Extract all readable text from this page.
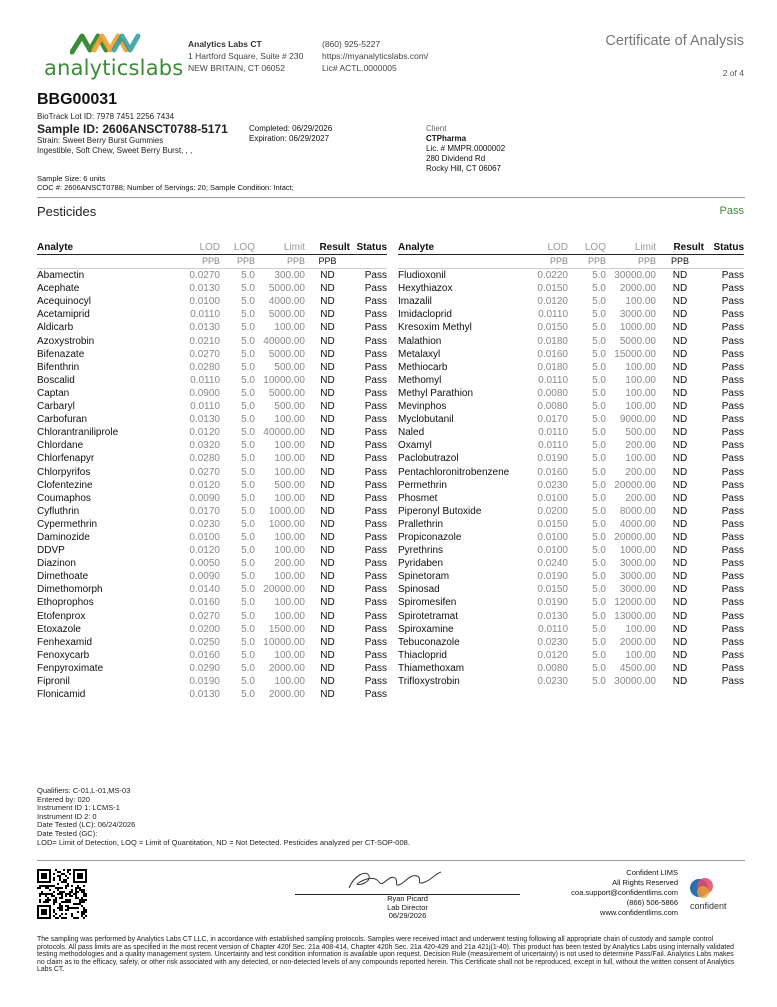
analyticslabs
Analytics Labs CT
1 Hartford Square, Suite # 230
NEW BRITAIN, CT 06052
(860) 925-5227
https://myanalyticslabs.com/
Lic# ACTL.0000005
Certificate of Analysis
2 of 4
BBG00031
BioTrack Lot ID: 7978 7451 2256 7434
Sample ID: 2606ANSCT0788-5171
Strain: Sweet Berry Burst Gummies
Ingestible, Soft Chew, Sweet Berry Burst, , ,
Completed: 06/29/2026
Expiration: 06/29/2027
Client
CTPharma
Lic. # MMPR.0000002
280 Dividend Rd
Rocky Hill, CT 06067
Sample Size: 6 units
COC #: 2606ANSCT0788; Number of Servings: 20; Sample Condition: Intact;
Pesticides	Pass
Analyte	LOD	LOQ	Limit	Result	Status
	PPB	PPB	PPB	PPB	
Abamectin	0.0270	5.0	300.00	ND	Pass
Acephate	0.0130	5.0	5000.00	ND	Pass
Acequinocyl	0.0100	5.0	4000.00	ND	Pass
Acetamiprid	0.0110	5.0	5000.00	ND	Pass
Aldicarb	0.0130	5.0	100.00	ND	Pass
Azoxystrobin	0.0210	5.0	40000.00	ND	Pass
Bifenazate	0.0270	5.0	5000.00	ND	Pass
Bifenthrin	0.0280	5.0	500.00	ND	Pass
Boscalid	0.0110	5.0	10000.00	ND	Pass
Captan	0.0900	5.0	5000.00	ND	Pass
Carbaryl	0.0110	5.0	500.00	ND	Pass
Carbofuran	0.0130	5.0	100.00	ND	Pass
Chlorantraniliprole	0.0120	5.0	40000.00	ND	Pass
Chlordane	0.0320	5.0	100.00	ND	Pass
Chlorfenapyr	0.0280	5.0	100.00	ND	Pass
Chlorpyrifos	0.0270	5.0	100.00	ND	Pass
Clofentezine	0.0120	5.0	500.00	ND	Pass
Coumaphos	0.0090	5.0	100.00	ND	Pass
Cyfluthrin	0.0170	5.0	1000.00	ND	Pass
Cypermethrin	0.0230	5.0	1000.00	ND	Pass
Daminozide	0.0100	5.0	100.00	ND	Pass
DDVP	0.0120	5.0	100.00	ND	Pass
Diazinon	0.0050	5.0	200.00	ND	Pass
Dimethoate	0.0090	5.0	100.00	ND	Pass
Dimethomorph	0.0140	5.0	20000.00	ND	Pass
Ethoprophos	0.0160	5.0	100.00	ND	Pass
Etofenprox	0.0270	5.0	100.00	ND	Pass
Etoxazole	0.0200	5.0	1500.00	ND	Pass
Fenhexamid	0.0250	5.0	10000.00	ND	Pass
Fenoxycarb	0.0160	5.0	100.00	ND	Pass
Fenpyroximate	0.0290	5.0	2000.00	ND	Pass
Fipronil	0.0190	5.0	100.00	ND	Pass
Flonicamid	0.0130	5.0	2000.00	ND	Pass
Analyte	LOD	LOQ	Limit	Result	Status
	PPB	PPB	PPB	PPB	
Fludioxonil	0.0220	5.0	30000.00	ND	Pass
Hexythiazox	0.0150	5.0	2000.00	ND	Pass
Imazalil	0.0120	5.0	100.00	ND	Pass
Imidacloprid	0.0110	5.0	3000.00	ND	Pass
Kresoxim Methyl	0.0150	5.0	1000.00	ND	Pass
Malathion	0.0180	5.0	5000.00	ND	Pass
Metalaxyl	0.0160	5.0	15000.00	ND	Pass
Methiocarb	0.0180	5.0	100.00	ND	Pass
Methomyl	0.0110	5.0	100.00	ND	Pass
Methyl Parathion	0.0080	5.0	100.00	ND	Pass
Mevinphos	0.0080	5.0	100.00	ND	Pass
Myclobutanil	0.0170	5.0	9000.00	ND	Pass
Naled	0.0110	5.0	500.00	ND	Pass
Oxamyl	0.0110	5.0	200.00	ND	Pass
Paclobutrazol	0.0190	5.0	100.00	ND	Pass
Pentachloronitrobenzene	0.0160	5.0	200.00	ND	Pass
Permethrin	0.0230	5.0	20000.00	ND	Pass
Phosmet	0.0100	5.0	200.00	ND	Pass
Piperonyl Butoxide	0.0200	5.0	8000.00	ND	Pass
Prallethrin	0.0150	5.0	4000.00	ND	Pass
Propiconazole	0.0100	5.0	20000.00	ND	Pass
Pyrethrins	0.0100	5.0	1000.00	ND	Pass
Pyridaben	0.0240	5.0	3000.00	ND	Pass
Spinetoram	0.0190	5.0	3000.00	ND	Pass
Spinosad	0.0150	5.0	3000.00	ND	Pass
Spiromesifen	0.0190	5.0	12000.00	ND	Pass
Spirotetramat	0.0130	5.0	13000.00	ND	Pass
Spiroxamine	0.0110	5.0	100.00	ND	Pass
Tebuconazole	0.0230	5.0	2000.00	ND	Pass
Thiacloprid	0.0120	5.0	100.00	ND	Pass
Thiamethoxam	0.0080	5.0	4500.00	ND	Pass
Trifloxystrobin	0.0230	5.0	30000.00	ND	Pass
Qualifiers: C-01,L-01,MS-03
Entered by: 020
Instrument ID 1: LCMS-1
Instrument ID 2: 0
Date Tested (LC): 06/24/2026
Date Tested (GC):
LOD= Limit of Detection, LOQ = Limit of Quantitation, ND = Not Detected. Pesticides analyzed per CT-SOP-008.
Ryan Picard
Lab Director
06/29/2026
Confident LIMS
All Rights Reserved
coa.support@confidentlims.com
(866) 506-5866
www.confidentlims.com
confident
The sampling was performed by Analytics Labs CT LLC, in accordance with established sampling protocols. Samples were received intact and underwent testing following all appropriate chain of custody and sample control protocols. All pass limits are as specified in the most recent version of Chapter 420f Sec. 21a 408-414, Chapter 420h Sec. 21a 420-429 and 21a 421j(1-40). This product has been tested by Analytics Labs using internally validated testing methodologies and a quality management system. Uncertainty and test condition information is available upon request. Decision Rule (measurement of uncertainty) is not used to determine Pass/Fail. Analytics Labs makes no claim as to the efficacy, safety, or other risk associated with any detected, or non-detected levels of any compounds reported herein. This Certificate shall not be reproduced, except in full, without the written consent of Analytics Labs CT.
